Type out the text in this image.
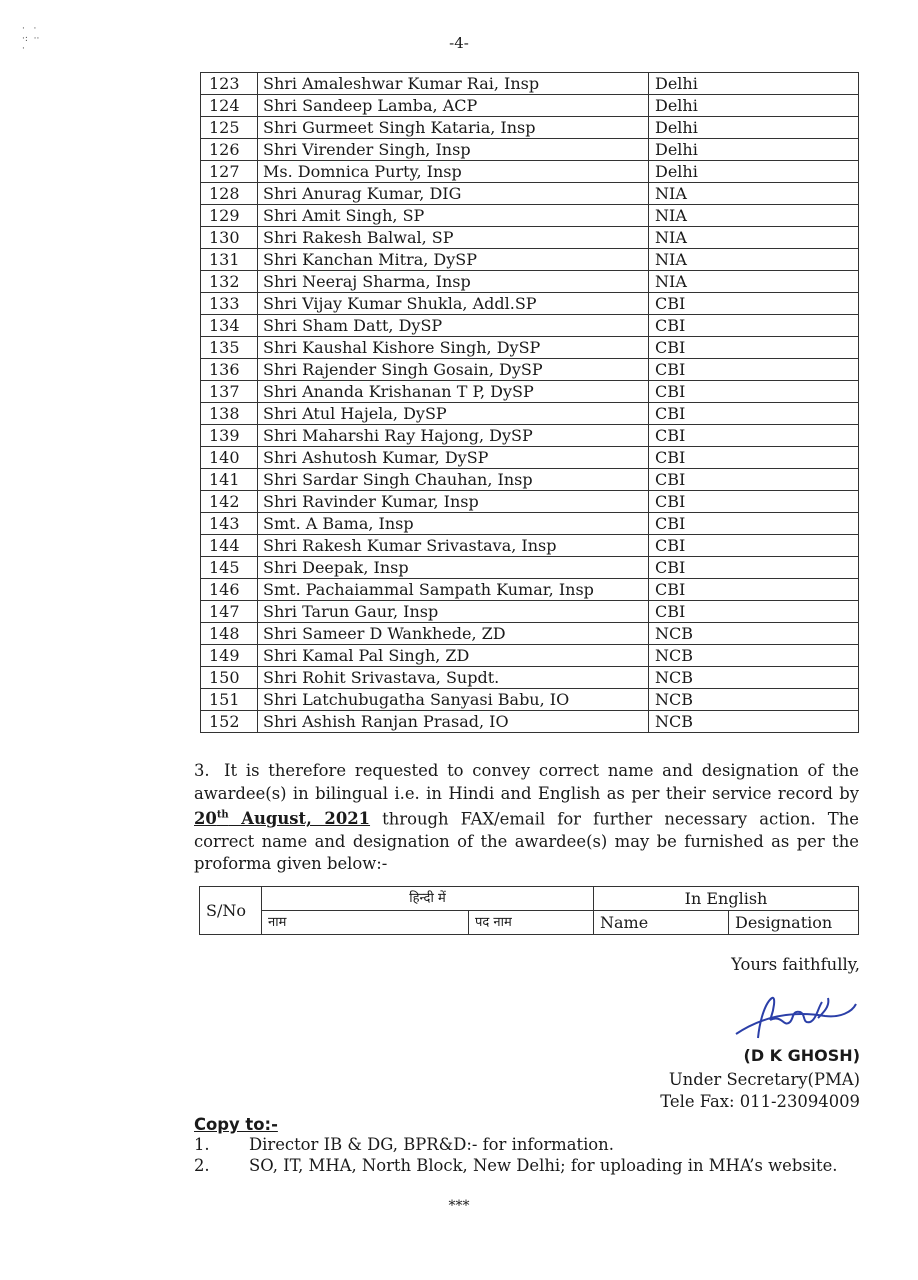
·   ·
·:  ··
·	-4-
123	Shri Amaleshwar Kumar Rai, Insp	Delhi
124	Shri Sandeep Lamba, ACP	Delhi
125	Shri Gurmeet Singh Kataria, Insp	Delhi
126	Shri Virender Singh, Insp	Delhi
127	Ms. Domnica Purty, Insp	Delhi
128	Shri Anurag Kumar, DIG	NIA
129	Shri Amit Singh, SP	NIA
130	Shri Rakesh Balwal, SP	NIA
131	Shri Kanchan Mitra, DySP	NIA
132	Shri Neeraj Sharma, Insp	NIA
133	Shri Vijay Kumar Shukla, Addl.SP	CBI
134	Shri Sham Datt, DySP	CBI
135	Shri Kaushal Kishore Singh, DySP	CBI
136	Shri Rajender Singh Gosain, DySP	CBI
137	Shri Ananda Krishanan T P, DySP	CBI
138	Shri Atul Hajela, DySP	CBI
139	Shri Maharshi Ray Hajong, DySP	CBI
140	Shri Ashutosh Kumar, DySP	CBI
141	Shri Sardar Singh Chauhan, Insp	CBI
142	Shri Ravinder Kumar, Insp	CBI
143	Smt. A Bama, Insp	CBI
144	Shri Rakesh Kumar Srivastava, Insp	CBI
145	Shri Deepak, Insp	CBI
146	Smt. Pachaiammal Sampath Kumar, Insp	CBI
147	Shri Tarun Gaur, Insp	CBI
148	Shri Sameer D Wankhede, ZD	NCB
149	Shri Kamal Pal Singh, ZD	NCB
150	Shri Rohit Srivastava, Supdt.	NCB
151	Shri Latchubugatha Sanyasi Babu, IO	NCB
152	Shri Ashish Ranjan Prasad, IO	NCB
3. It is therefore requested to convey correct name and designation of the awardee(s) in bilingual i.e. in Hindi and English as per their service record by 20th August, 2021 through FAX/email for further necessary action. The correct name and designation of the awardee(s) may be furnished as per the proforma given below:-
S/No	हिन्दी में		In English	
	नाम	पद नाम	Name	Designation
Yours faithfully,
(D K GHOSH)
Under Secretary(PMA)
Tele Fax: 011-23094009
Copy to:-
1.	Director IB & DG, BPR&D:- for information.
2.	SO, IT, MHA, North Block, New Delhi; for uploading in MHA’s website.
***
